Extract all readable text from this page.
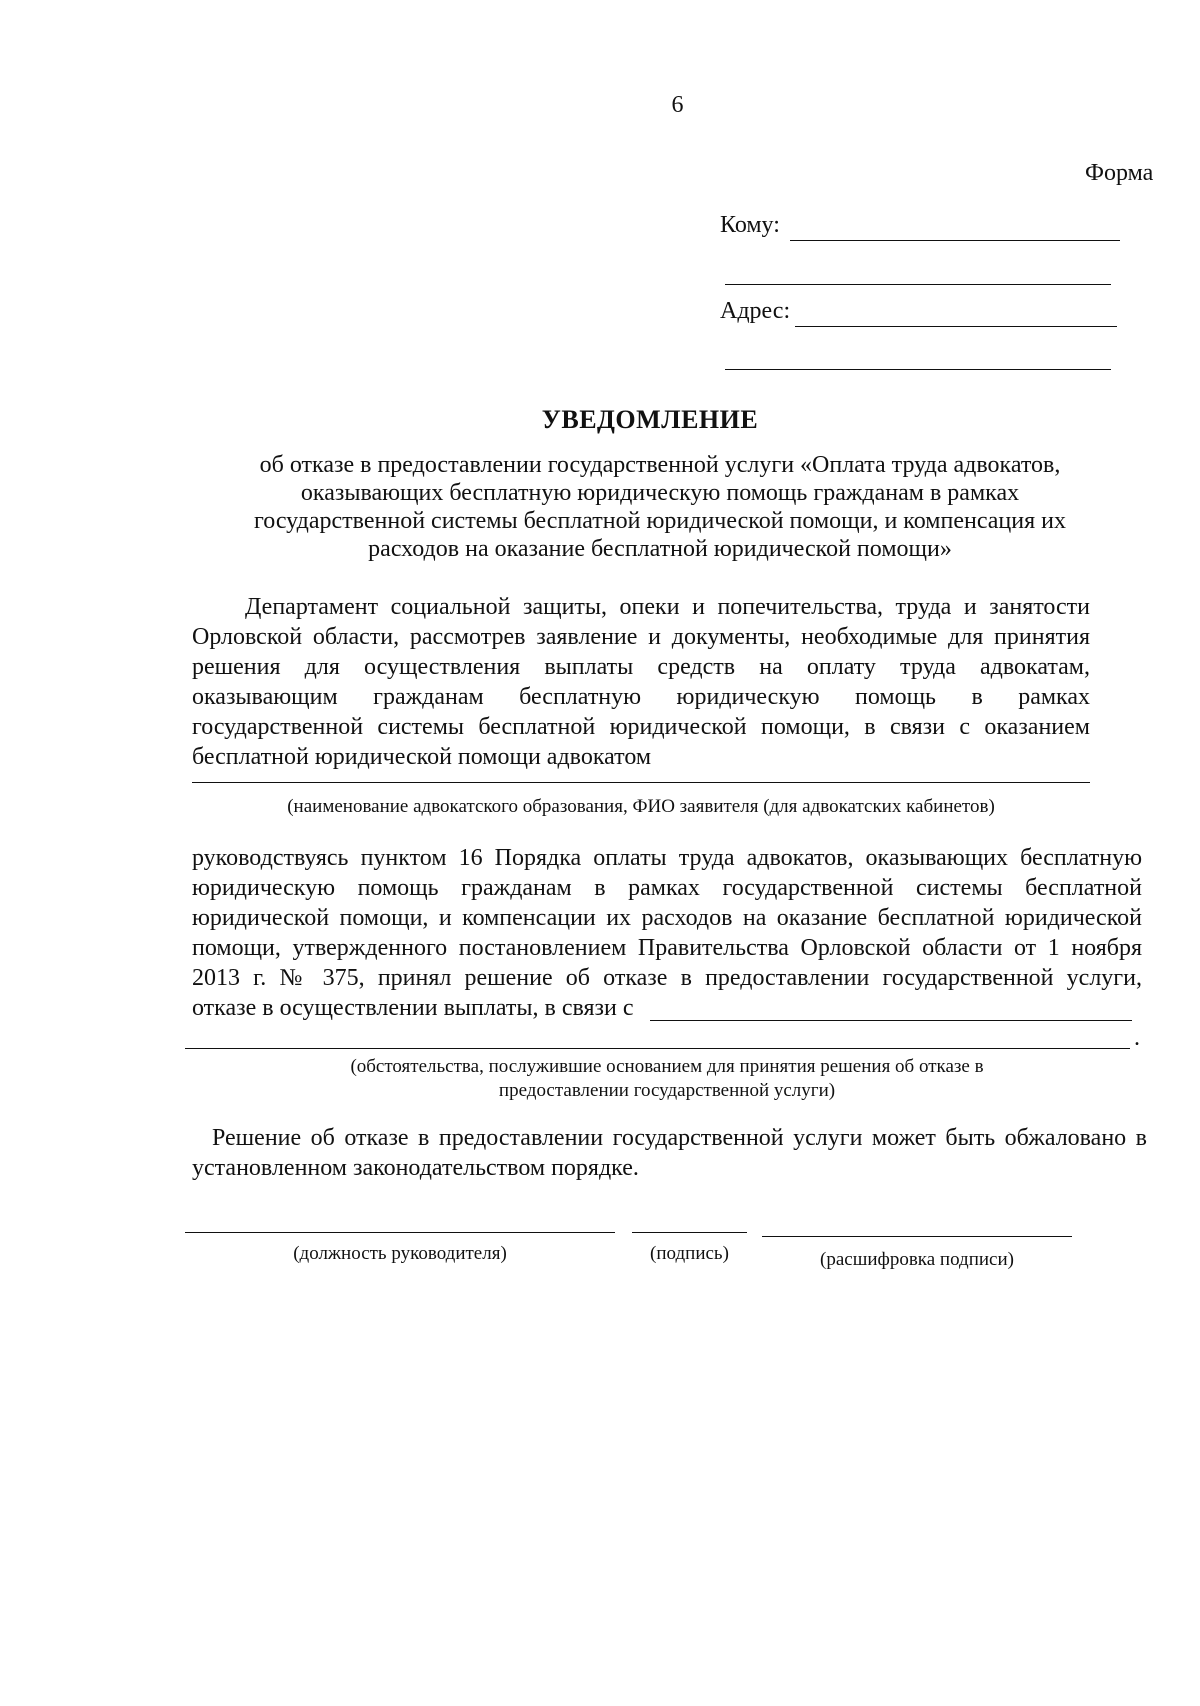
6
Форма
Кому:
Адрес:
УВЕДОМЛЕНИЕ
об отказе в предоставлении государственной услуги «Оплата труда адвокатов,
оказывающих бесплатную юридическую помощь гражданам в рамках
государственной системы бесплатной юридической помощи, и компенсация их
расходов на оказание бесплатной юридической помощи»
Департамент социальной защиты, опеки и попечительства, труда и занятости
Орловской области, рассмотрев заявление и документы, необходимые для принятия
решения для осуществления выплаты средств на оплату труда адвокатам,
оказывающим гражданам бесплатную юридическую помощь в рамках
государственной системы бесплатной юридической помощи, в связи с оказанием
бесплатной юридической помощи адвокатом
(наименование адвокатского образования, ФИО заявителя (для адвокатских кабинетов)
руководствуясь пунктом 16 Порядка оплаты труда адвокатов, оказывающих бесплатную
юридическую помощь гражданам в рамках государственной системы бесплатной
юридической помощи, и компенсации их расходов на оказание бесплатной юридической
помощи, утвержденного постановлением Правительства Орловской области от 1 ноября
2013 г. № 375, принял решение об отказе в предоставлении государственной услуги,
отказе в осуществлении выплаты, в связи с
.
(обстоятельства, послужившие основанием для принятия решения об отказе в
предоставлении государственной услуги)
Решение об отказе в предоставлении государственной услуги может быть обжаловано в
установленном законодательством порядке.
(должность руководителя)	(подпись)	(расшифровка подписи)
